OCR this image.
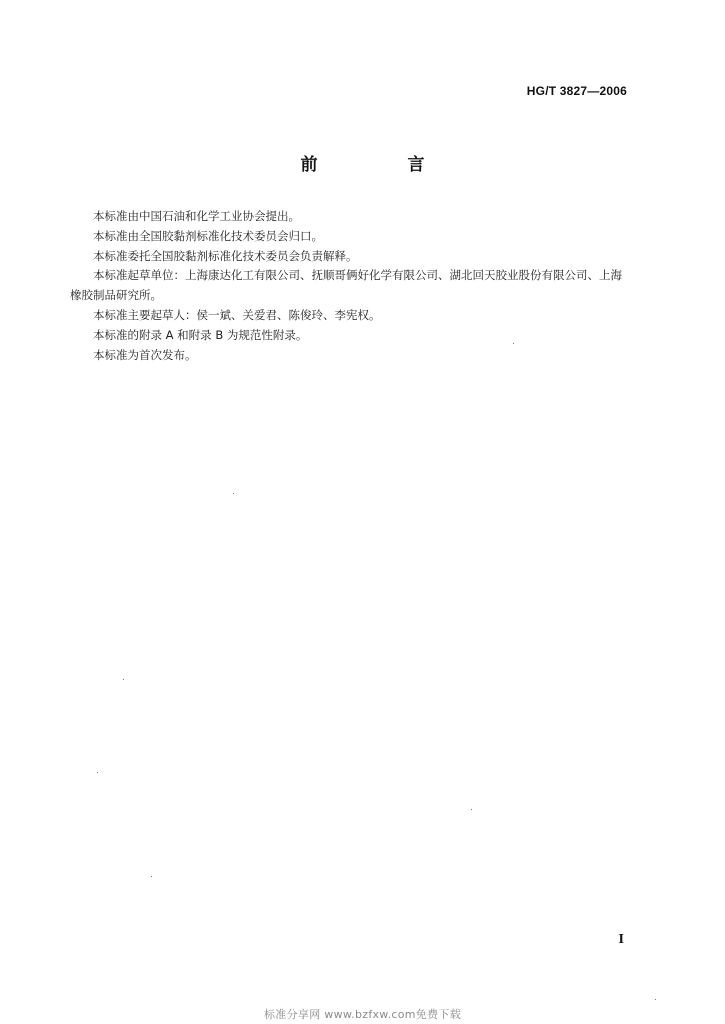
HG/T 3827—2006
前 言

本标准由中国石油和化学工业协会提出。

本标准由全国胶黏剂标准化技术委员会归口。

本标准委托全国胶黏剂标准化技术委员会负责解释。

本标准起草单位：上海康达化工有限公司、抚顺哥俩好化学有限公司、湖北回天胶业股份有限公司、上海橡胶制品研究所。

本标准主要起草人：侯一斌、关爱君、陈俊玲、李宪权。

本标准的附录 A 和附录 B 为规范性附录。

本标准为首次发布。

I
标准分享网 www.bzfxw.com免费下载
